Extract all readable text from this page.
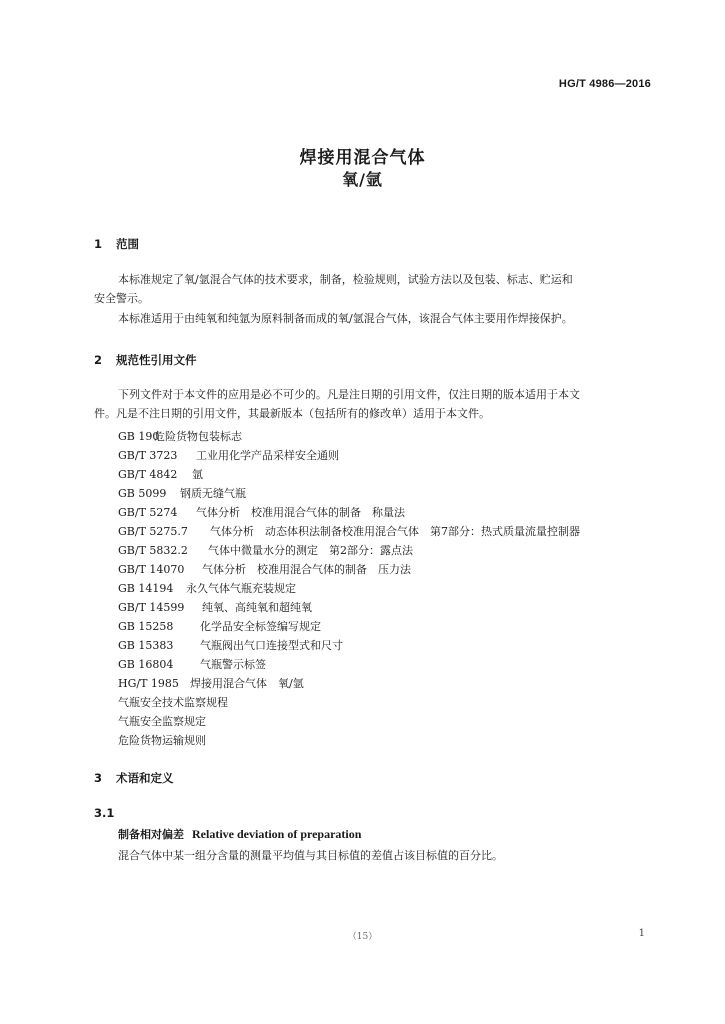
HG/T 4986—2016
焊接用混合气体
氧/氩
1 范围
本标准规定了氧/氩混合气体的技术要求，制备，检验规则，试验方法以及包装、标志、贮运和
安全警示。
本标准适用于由纯氧和纯氩为原料制备而成的氧/氩混合气体，该混合气体主要用作焊接保护。
2 规范性引用文件
下列文件对于本文件的应用是必不可少的。凡是注日期的引用文件，仅注日期的版本适用于本文
件。凡是不注日期的引用文件，其最新版本（包括所有的修改单）适用于本文件。
GB 190危险货物包装标志
GB/T 3723 工业用化学产品采样安全通则
GB/T 4842 氩
GB 5099 钢质无缝气瓶
GB/T 5274 气体分析　校准用混合气体的制备　称量法
GB/T 5275.7 气体分析　动态体积法制备校准用混合气体　第7部分：热式质量流量控制器
GB/T 5832.2 气体中微量水分的测定　第2部分：露点法
GB/T 14070 气体分析　校准用混合气体的制备　压力法
GB 14194 永久气体气瓶充装规定
GB/T 14599 纯氧、高纯氧和超纯氧
GB 15258 化学品安全标签编写规定
GB 15383 气瓶阀出气口连接型式和尺寸
GB 16804 气瓶警示标签
HG/T 1985 焊接用混合气体　氧/氩
气瓶安全技术监察规程
气瓶安全监察规定
危险货物运输规则
3 术语和定义
3.1
制备相对偏差 Relative deviation of preparation
混合气体中某一组分含量的测量平均值与其目标值的差值占该目标值的百分比。
（15）	1
